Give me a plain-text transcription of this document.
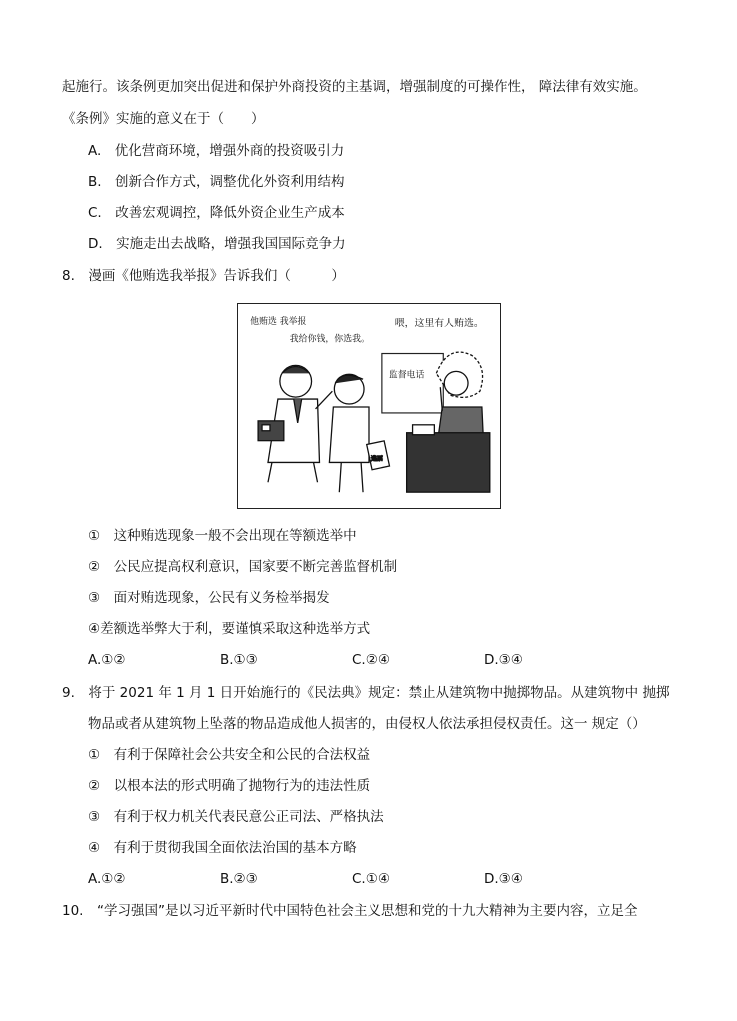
起施行。该条例更加突出促进和保护外商投资的主基调，增强制度的可操作性， 障法律有效实施。
《条例》实施的意义在于（　　）
A.　优化营商环境，增强外商的投资吸引力
B.　创新合作方式，调整优化外资利用结构
C.　改善宏观调控，降低外资企业生产成本
D.　实施走出去战略，增强我国国际竞争力
8.　漫画《他贿选我举报》告诉我们（　　　）
他贿选 我举报
我给你钱，你选我。
喂，这里有人贿选。
监督电话
选票
①　这种贿选现象一般不会出现在等额选举中
②　公民应提高权利意识，国家要不断完善监督机制
③　面对贿选现象，公民有义务检举揭发
④差额选举弊大于利，要谨慎采取这种选举方式
A.①②	B.①③	C.②④	D.③④
9.　将于 2021 年 1 月 1 日开始施行的《民法典》规定：禁止从建筑物中抛掷物品。从建筑物中 抛掷
物品或者从建筑物上坠落的物品造成他人损害的，由侵权人依法承担侵权责任。这一 规定（）
①　有利于保障社会公共安全和公民的合法权益
②　以根本法的形式明确了抛物行为的违法性质
③　有利于权力机关代表民意公正司法、严格执法
④　有利于贯彻我国全面依法治国的基本方略
A.①②	B.②③	C.①④	D.③④
10.　“学习强国”是以习近平新时代中国特色社会主义思想和党的十九大精神为主要内容，立足全
